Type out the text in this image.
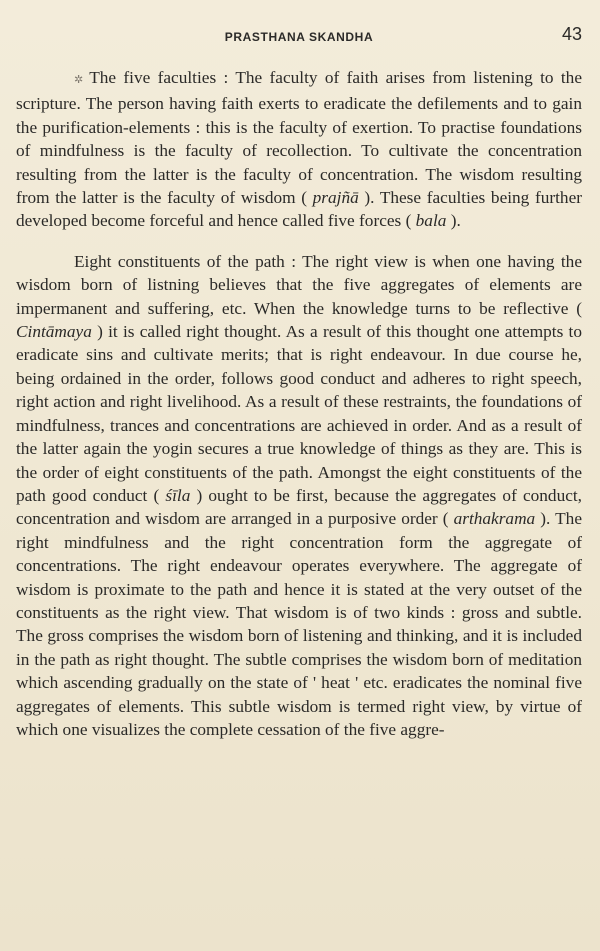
PRASTHANA SKANDHA	43

✲ The five faculties : The faculty of faith arises from listening to the scripture. The person having faith exerts to eradicate the defilements and to gain the purification-elements : this is the faculty of exertion. To practise foundations of mindfulness is the faculty of recollection. To cultivate the concentration resulting from the latter is the faculty of concentration. The wisdom resulting from the latter is the faculty of wisdom ( prajñā ). These faculties being further developed become forceful and hence called five forces ( bala ).

Eight constituents of the path : The right view is when one having the wisdom born of listning believes that the five aggregates of elements are impermanent and suffering, etc. When the knowledge turns to be reflective ( Cintāmaya ) it is called right thought. As a result of this thought one attempts to eradicate sins and cultivate merits; that is right endeavour. In due course he, being ordained in the order, follows good conduct and adheres to right speech, right action and right livelihood. As a result of these restraints, the foundations of mindfulness, trances and concentrations are achieved in order. And as a result of the latter again the yogin secures a true knowledge of things as they are. This is the order of eight constituents of the path. Amongst the eight constituents of the path good conduct ( śīla ) ought to be first, because the aggregates of conduct, concentration and wisdom are arranged in a purposive order ( arthakrama ). The right mindfulness and the right concentration form the aggregate of concentrations. The right endeavour operates everywhere. The aggregate of wisdom is proximate to the path and hence it is stated at the very outset of the constituents as the right view. That wisdom is of two kinds : gross and subtle. The gross comprises the wisdom born of listening and thinking, and it is included in the path as right thought. The subtle comprises the wisdom born of meditation which ascending gradually on the state of ' heat ' etc. eradicates the nominal five aggregates of elements. This subtle wisdom is termed right view, by virtue of which one visualizes the complete cessation of the five aggre-
